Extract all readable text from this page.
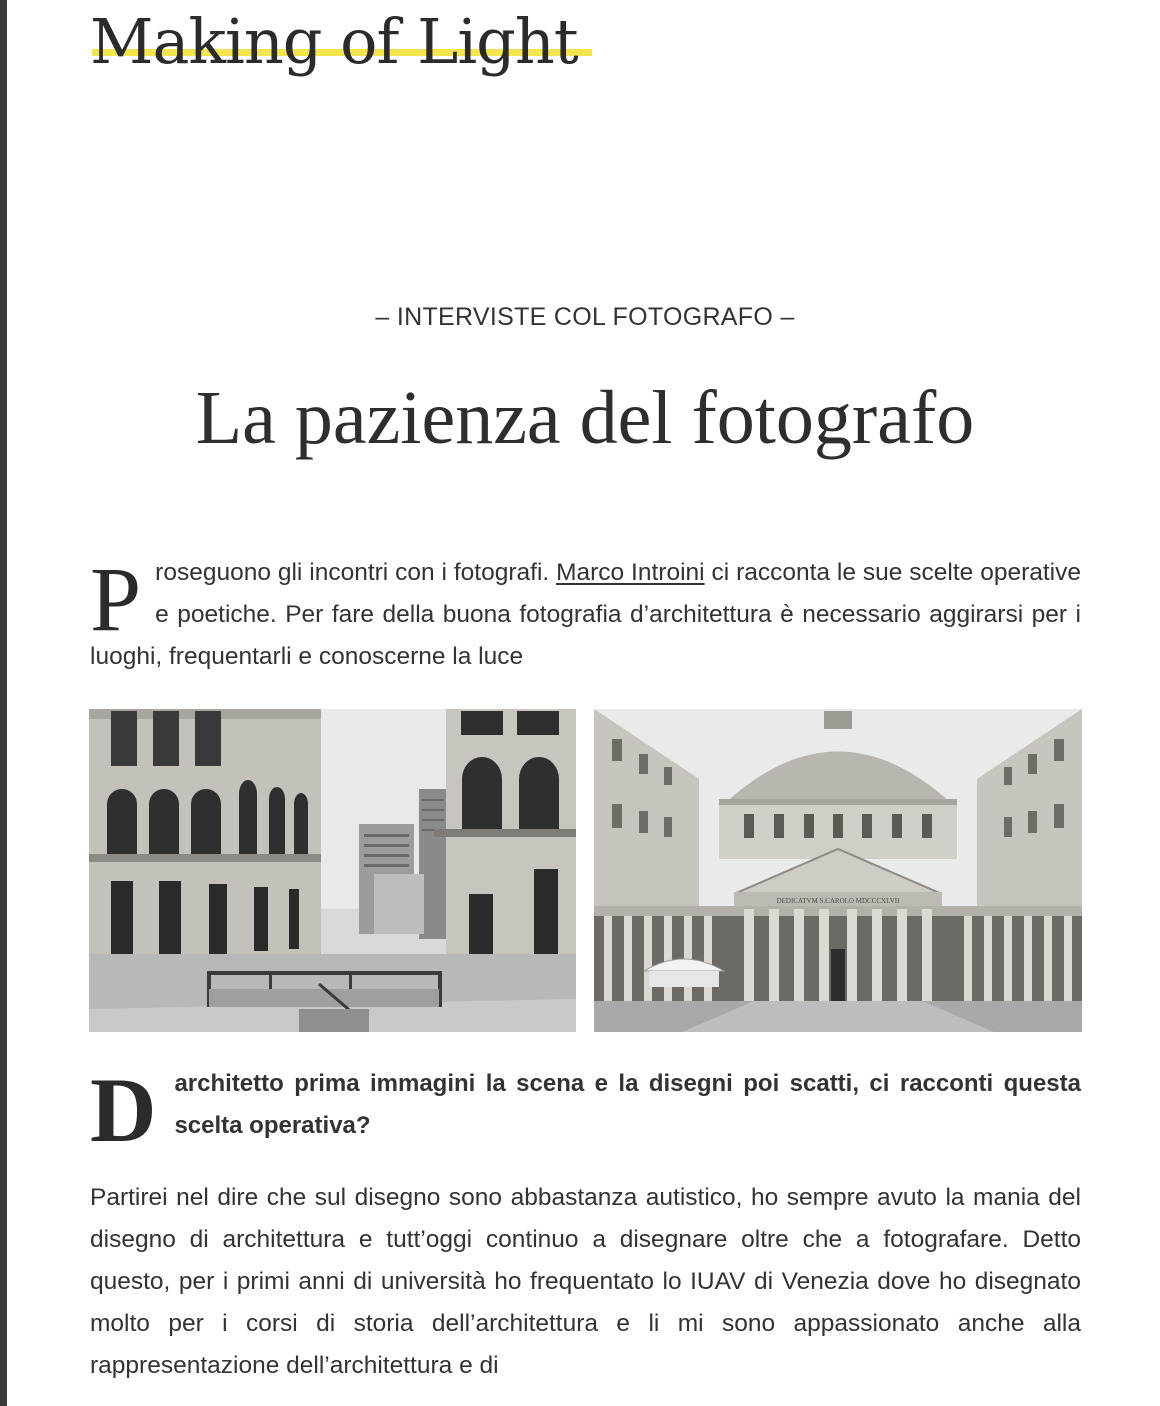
Making of Light
– INTERVISTE COL FOTOGRAFO –
La pazienza del fotografo

Proseguono gli incontri con i fotografi. Marco Introini ci racconta le sue scelte operative e poetiche. Per fare della buona fotografia d’architettura è necessario aggirarsi per i luoghi, frequentarli e conoscerne la luce

DEDICATVM S.CAROLO MDCCCXLVII

Darchitetto prima immagini la scena e la disegni poi scatti, ci racconti questa scelta operativa?

Partirei nel dire che sul disegno sono abbastanza autistico, ho sempre avuto la mania del disegno di architettura e tutt’oggi continuo a disegnare oltre che a fotografare. Detto questo, per i primi anni di università ho frequentato lo IUAV di Venezia dove ho disegnato molto per i corsi di storia dell’architettura e li mi sono appassionato anche alla rappresentazione dell’architettura e di
